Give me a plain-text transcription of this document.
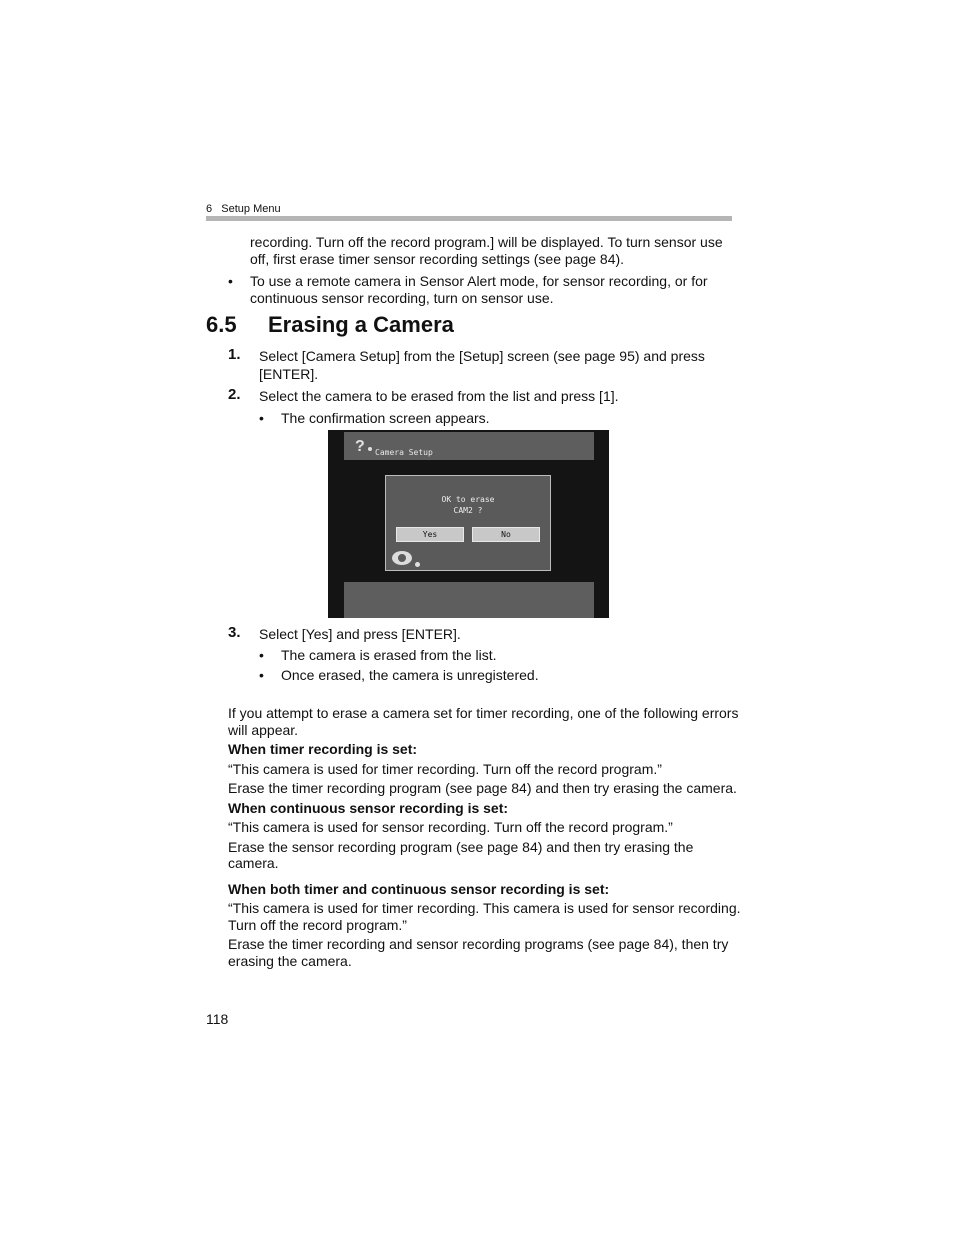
6 Setup Menu
recording. Turn off the record program.] will be displayed. To turn sensor use
off, first erase timer sensor recording settings (see page 84).
• To use a remote camera in Sensor Alert mode, for sensor recording, or for
continuous sensor recording, turn on sensor use.
6.5 Erasing a Camera
1. Select [Camera Setup] from the [Setup] screen (see page 95) and press
[ENTER].
2. Select the camera to be erased from the list and press [1].
• The confirmation screen appears.
? Camera Setup
OK to erase
CAM2 ?
Yes	No
3. Select [Yes] and press [ENTER].
• The camera is erased from the list.
• Once erased, the camera is unregistered.
If you attempt to erase a camera set for timer recording, one of the following errors
will appear.
When timer recording is set:
“This camera is used for timer recording. Turn off the record program.”
Erase the timer recording program (see page 84) and then try erasing the camera.
When continuous sensor recording is set:
“This camera is used for sensor recording. Turn off the record program.”
Erase the sensor recording program (see page 84) and then try erasing the
camera.
When both timer and continuous sensor recording is set:
“This camera is used for timer recording. This camera is used for sensor recording.
Turn off the record program.”
Erase the timer recording and sensor recording programs (see page 84), then try
erasing the camera.
118
